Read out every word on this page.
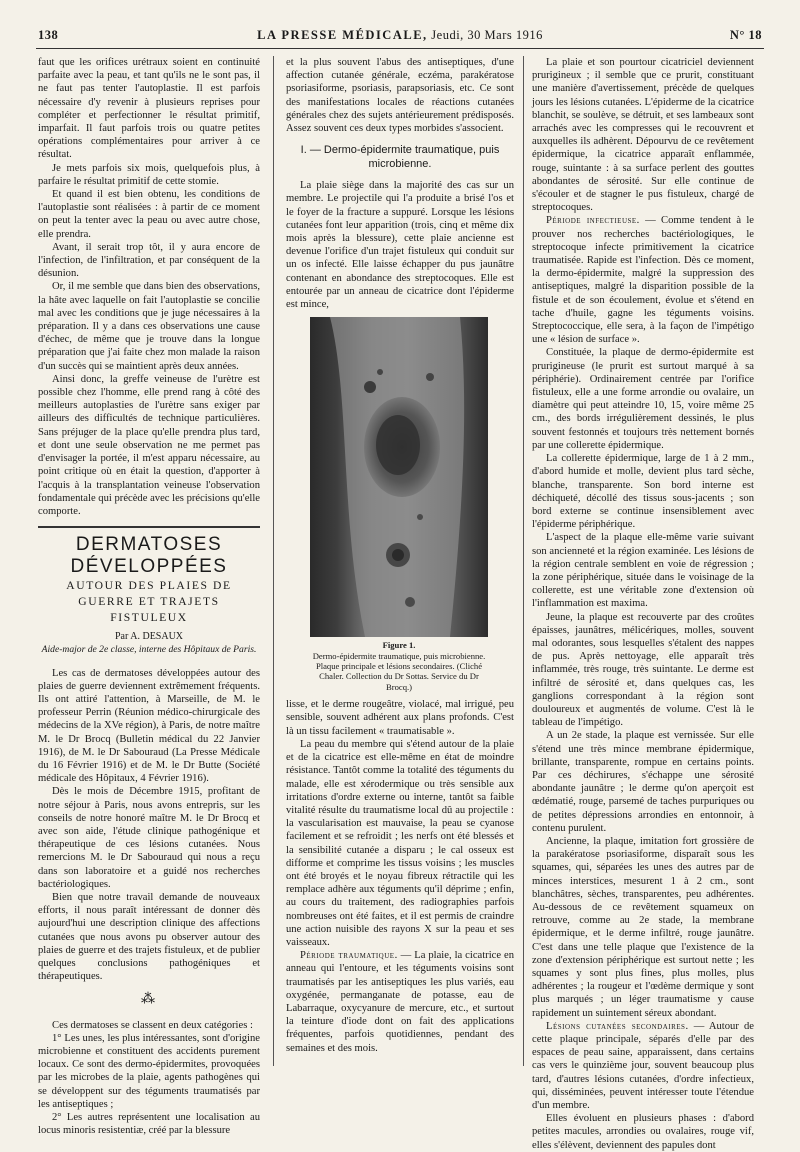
138	LA PRESSE MÉDICALE, Jeudi, 30 Mars 1916	N° 18

faut que les orifices urétraux soient en continuité parfaite avec la peau, et tant qu'ils ne le sont pas, il ne faut pas tenter l'autoplastie. Il est parfois nécessaire d'y revenir à plusieurs reprises pour compléter et perfectionner le résultat primitif, imparfait. Il faut parfois trois ou quatre petites opérations complémentaires pour arriver à ce résultat.

Je mets parfois six mois, quelquefois plus, à parfaire le résultat primitif de cette stomie.

Et quand il est bien obtenu, les conditions de l'autoplastie sont réalisées : à partir de ce moment on peut la tenter avec la peau ou avec autre chose, elle prendra.

Avant, il serait trop tôt, il y aura encore de l'infection, de l'infiltration, et par conséquent de la désunion.

Or, il me semble que dans bien des observations, la hâte avec laquelle on fait l'autoplastie se concilie mal avec les conditions que je juge nécessaires à la préparation. Il y a dans ces observations une cause d'échec, de même que je trouve dans la longue préparation que j'ai faite chez mon malade la raison d'un succès qui se maintient après deux années.

Ainsi donc, la greffe veineuse de l'urètre est possible chez l'homme, elle prend rang à côté des meilleurs autoplasties de l'urètre sans exiger par ailleurs des difficultés de technique particulières. Sans préjuger de la place qu'elle prendra plus tard, et dont une seule observation ne me permet pas d'envisager la portée, il m'est apparu nécessaire, au point critique où en était la question, d'apporter à l'acquis à la transplantation veineuse l'observation fondamentale qui précède avec les précisions qu'elle comporte.

DERMATOSES DÉVELOPPÉES
AUTOUR DES PLAIES DE GUERRE ET TRAJETS FISTULEUX
Par A. DESAUX
Aide-major de 2e classe, interne des Hôpitaux de Paris.

Les cas de dermatoses développées autour des plaies de guerre deviennent extrêmement fréquents. Ils ont attiré l'attention, à Marseille, de M. le professeur Perrin (Réunion médico-chirurgicale des médecins de la XVe région), à Paris, de notre maître M. le Dr Brocq (Bulletin médical du 22 Janvier 1916), de M. le Dr Sabouraud (La Presse Médicale du 16 Février 1916) et de M. le Dr Butte (Société médicale des Hôpitaux, 4 Février 1916).

Dès le mois de Décembre 1915, profitant de notre séjour à Paris, nous avons entrepris, sur les conseils de notre honoré maître M. le Dr Brocq et avec son aide, l'étude clinique pathogénique et thérapeutique de ces lésions cutanées. Nous remercions M. le Dr Sabouraud qui nous a reçu dans son laboratoire et a guidé nos recherches bactériologiques.

Bien que notre travail demande de nouveaux efforts, il nous paraît intéressant de donner dès aujourd'hui une description clinique des affections cutanées que nous avons pu observer autour des plaies de guerre et des trajets fistuleux, et de publier quelques conclusions pathogéniques et thérapeutiques.

⁂

Ces dermatoses se classent en deux catégories :

1° Les unes, les plus intéressantes, sont d'origine microbienne et constituent des accidents purement locaux. Ce sont des dermo-épidermites, provoquées par les microbes de la plaie, agents pathogènes qui se développent sur des téguments traumatisés par les antiseptiques ;

2° Les autres représentent une localisation au locus minoris resistentiæ, créé par la blessure

et la plus souvent l'abus des antiseptiques, d'une affection cutanée générale, eczéma, parakératose psoriasiforme, psoriasis, parapsoriasis, etc. Ce sont des manifestations locales de réactions cutanées générales chez des sujets antérieurement prédisposés. Assez souvent ces deux types morbides s'associent.

I. — Dermo-épidermite traumatique, puis microbienne.

La plaie siège dans la majorité des cas sur un membre. Le projectile qui l'a produite a brisé l'os et le foyer de la fracture a suppuré. Lorsque les lésions cutanées font leur apparition (trois, cinq et même dix mois après la blessure), cette plaie ancienne est devenue l'orifice d'un trajet fistuleux qui conduit sur un os infecté. Elle laisse échapper du pus jaunâtre contenant en abondance des streptocoques. Elle est entourée par un anneau de cicatrice dont l'épiderme est mince,

Figure 1.
Dermo-épidermite traumatique, puis microbienne. Plaque principale et lésions secondaires. (Cliché Chaler. Collection du Dr Sottas. Service du Dr Brocq.)

lisse, et le derme rougeâtre, violacé, mal irrigué, peu sensible, souvent adhérent aux plans profonds. C'est là un tissu facilement « traumatisable ».

La peau du membre qui s'étend autour de la plaie et de la cicatrice est elle-même en état de moindre résistance. Tantôt comme la totalité des téguments du malade, elle est xérodermique ou très sensible aux irritations d'ordre externe ou interne, tantôt sa faible vitalité résulte du traumatisme local dû au projectile : la vascularisation est mauvaise, la peau se cyanose facilement et se refroidit ; les nerfs ont été blessés et la sensibilité cutanée a disparu ; le cal osseux est difforme et comprime les tissus voisins ; les muscles ont été broyés et le noyau fibreux rétractile qui les remplace adhère aux téguments qu'il déprime ; enfin, au cours du traitement, des radiographies parfois nombreuses ont été faites, et il est permis de craindre une action nuisible des rayons X sur la peau et ses vaisseaux.

Période traumatique. — La plaie, la cicatrice en anneau qui l'entoure, et les téguments voisins sont traumatisés par les antiseptiques les plus variés, eau oxygénée, permanganate de potasse, eau de Labarraque, oxycyanure de mercure, etc., et surtout la teinture d'iode dont on fait des applications fréquentes, parfois quotidiennes, pendant des semaines et des mois.

La plaie et son pourtour cicatriciel deviennent prurigineux ; il semble que ce prurit, constituant une manière d'avertissement, précède de quelques jours les lésions cutanées. L'épiderme de la cicatrice blanchit, se soulève, se détruit, et ses lambeaux sont arrachés avec les compresses qui le recouvrent et auxquelles ils adhèrent. Dépourvu de ce revêtement épidermique, la cicatrice apparaît enflammée, rouge, suintante : à sa surface perlent des gouttes abondantes de sérosité. Sur elle continue de s'écouler et de stagner le pus fistuleux, chargé de streptocoques.

Période infectieuse. — Comme tendent à le prouver nos recherches bactériologiques, le streptocoque infecte primitivement la cicatrice traumatisée. Rapide est l'infection. Dès ce moment, la dermo-épidermite, malgré la suppression des antiseptiques, malgré la disparition possible de la fistule et de son écoulement, évolue et s'étend en tache d'huile, gagne les téguments voisins. Streptococcique, elle sera, à la façon de l'impétigo une « lésion de surface ».

Constituée, la plaque de dermo-épidermite est prurigineuse (le prurit est surtout marqué à sa périphérie). Ordinairement centrée par l'orifice fistuleux, elle a une forme arrondie ou ovalaire, un diamètre qui peut atteindre 10, 15, voire même 25 cm., des bords irrégulièrement dessinés, le plus souvent festonnés et toujours très nettement bornés par une collerette épidermique.

La collerette épidermique, large de 1 à 2 mm., d'abord humide et molle, devient plus tard sèche, blanche, transparente. Son bord interne est déchiqueté, décollé des tissus sous-jacents ; son bord externe se continue insensiblement avec l'épiderme périphérique.

L'aspect de la plaque elle-même varie suivant son ancienneté et la région examinée. Les lésions de la région centrale semblent en voie de régression ; la zone périphérique, située dans le voisinage de la collerette, est une véritable zone d'extension où l'inflammation est maxima.

Jeune, la plaque est recouverte par des croûtes épaisses, jaunâtres, mélicériques, molles, souvent mal odorantes, sous lesquelles s'étalent des nappes de pus. Après nettoyage, elle apparaît très inflammée, très rouge, très suintante. Le derme est infiltré de sérosité et, dans quelques cas, les ganglions correspondant à la région sont douloureux et augmentés de volume. C'est là le tableau de l'impétigo.

A un 2e stade, la plaque est vernissée. Sur elle s'étend une très mince membrane épidermique, brillante, transparente, rompue en certains points. Par ces déchirures, s'échappe une sérosité abondante jaunâtre ; le derme qu'on aperçoit est œdématié, rouge, parsemé de taches purpuriques ou de petites dépressions arrondies en entonnoir, à contenu purulent.

Ancienne, la plaque, imitation fort grossière de la parakératose psoriasiforme, disparaît sous les squames, qui, séparées les unes des autres par de minces interstices, mesurent 1 à 2 cm., sont blanchâtres, sèches, transparentes, peu adhérentes. Au-dessous de ce revêtement squameux on retrouve, comme au 2e stade, la membrane épidermique, et le derme infiltré, rouge jaunâtre. C'est dans une telle plaque que l'existence de la zone d'extension périphérique est surtout nette ; les squames y sont plus fines, plus molles, plus adhérentes ; la rougeur et l'œdème dermique y sont plus marqués ; un léger traumatisme y cause rapidement un suintement séreux abondant.

Lésions cutanées secondaires. — Autour de cette plaque principale, séparés d'elle par des espaces de peau saine, apparaissent, dans certains cas vers le quinzième jour, souvent beaucoup plus tard, d'autres lésions cutanées, d'ordre infectieux, qui, disséminées, peuvent intéresser toute l'étendue d'un membre.

Elles évoluent en plusieurs phases : d'abord petites macules, arrondies ou ovalaires, rouge vif, elles s'élèvent, deviennent des papules dont
